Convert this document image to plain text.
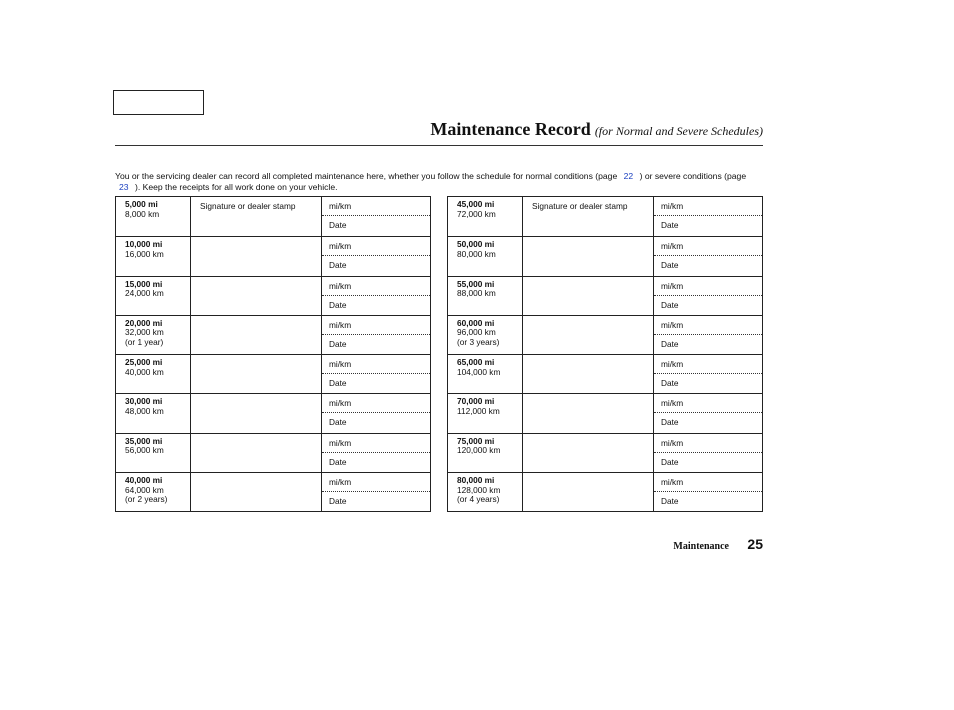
Maintenance Record (for Normal and Severe Schedules)
You or the servicing dealer can record all completed maintenance here, whether you follow the schedule for normal conditions (page 22 ) or severe conditions (page 23 ). Keep the receipts for all work done on your vehicle.
5,000 mi
8,000 km
Signature or dealer stamp	mi/km
Date
10,000 mi
16,000 km
mi/km
Date
15,000 mi
24,000 km
mi/km
Date
20,000 mi
32,000 km
(or 1 year)
mi/km
Date
25,000 mi
40,000 km
mi/km
Date
30,000 mi
48,000 km
mi/km
Date
35,000 mi
56,000 km
mi/km
Date
40,000 mi
64,000 km
(or 2 years)
mi/km
Date
45,000 mi
72,000 km
Signature or dealer stamp	mi/km
Date
50,000 mi
80,000 km
mi/km
Date
55,000 mi
88,000 km
mi/km
Date
60,000 mi
96,000 km
(or 3 years)
mi/km
Date
65,000 mi
104,000 km
mi/km
Date
70,000 mi
112,000 km
mi/km
Date
75,000 mi
120,000 km
mi/km
Date
80,000 mi
128,000 km
(or 4 years)
mi/km
Date
Maintenance 25
